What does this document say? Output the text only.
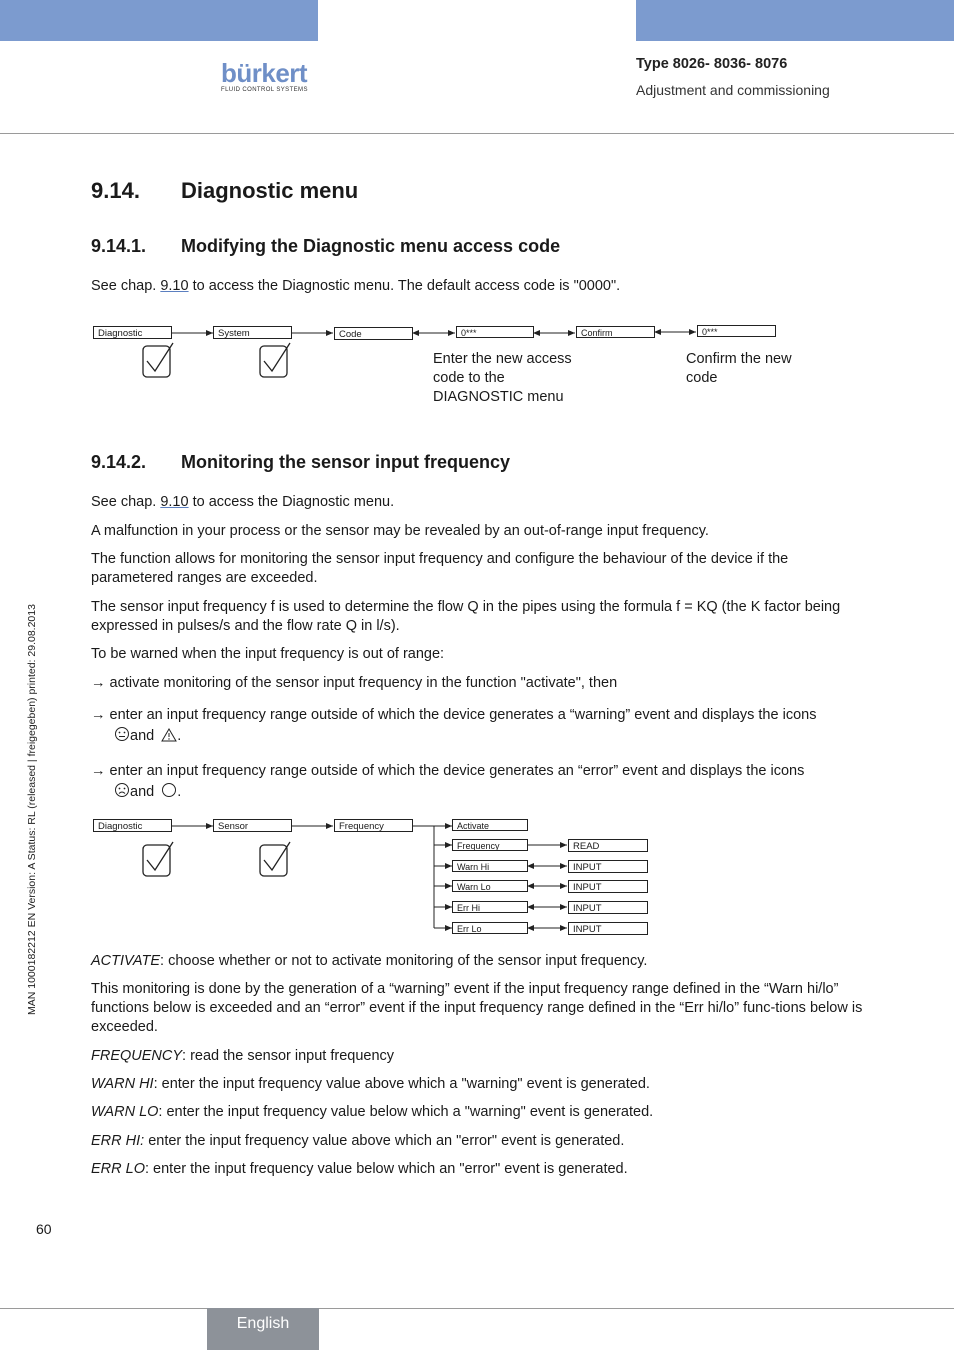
bürkert
FLUID CONTROL SYSTEMS
Type 8026- 8036- 8076
Adjustment and commissioning
9.14. Diagnostic menu
9.14.1. Modifying the Diagnostic menu access code
See chap. 9.10 to access the Diagnostic menu. The default access code is "0000".
Diagnostic	System	Code	0***	Confirm	0***
Enter the new access code to the DIAGNOSTIC menu
Confirm the new code
9.14.2. Monitoring the sensor input frequency
See chap. 9.10 to access the Diagnostic menu.
A malfunction in your process or the sensor may be revealed by an out-of-range input frequency.
The function allows for monitoring the sensor input frequency and configure the behaviour of the device if the parametered ranges are exceeded.
The sensor input frequency f is used to determine the flow Q in the pipes using the formula f = KQ (the K factor being expressed in pulses/s and the flow rate Q in l/s).
To be warned when the input frequency is out of range:
→ activate monitoring of the sensor input frequency in the function "activate", then
→ enter an input frequency range outside of which the device generates a “warning” event and displays the icons
and .
→ enter an input frequency range outside of which the device generates an “error” event and displays the icons
and .
Diagnostic	Sensor	Frequency	Activate
Frequency
Warn Hi
Warn Lo
Err Hi
Err Lo
READ
INPUT
INPUT
INPUT
INPUT
ACTIVATE: choose whether or not to activate monitoring of the sensor input frequency.
This monitoring is done by the generation of a “warning” event if the input frequency range defined in the “Warn hi/lo” functions below is exceeded and an “error” event if the input frequency range defined in the “Err hi/lo” func-tions below is exceeded.
FREQUENCY: read the sensor input frequency
WARN HI: enter the input frequency value above which a "warning" event is generated.
WARN LO: enter the input frequency value below which a "warning" event is generated.
ERR HI: enter the input frequency value above which an "error" event is generated.
ERR LO: enter the input frequency value below which an "error" event is generated.
MAN 1000182212 EN Version: A Status: RL (released | freigegeben) printed: 29.08.2013
60
English
